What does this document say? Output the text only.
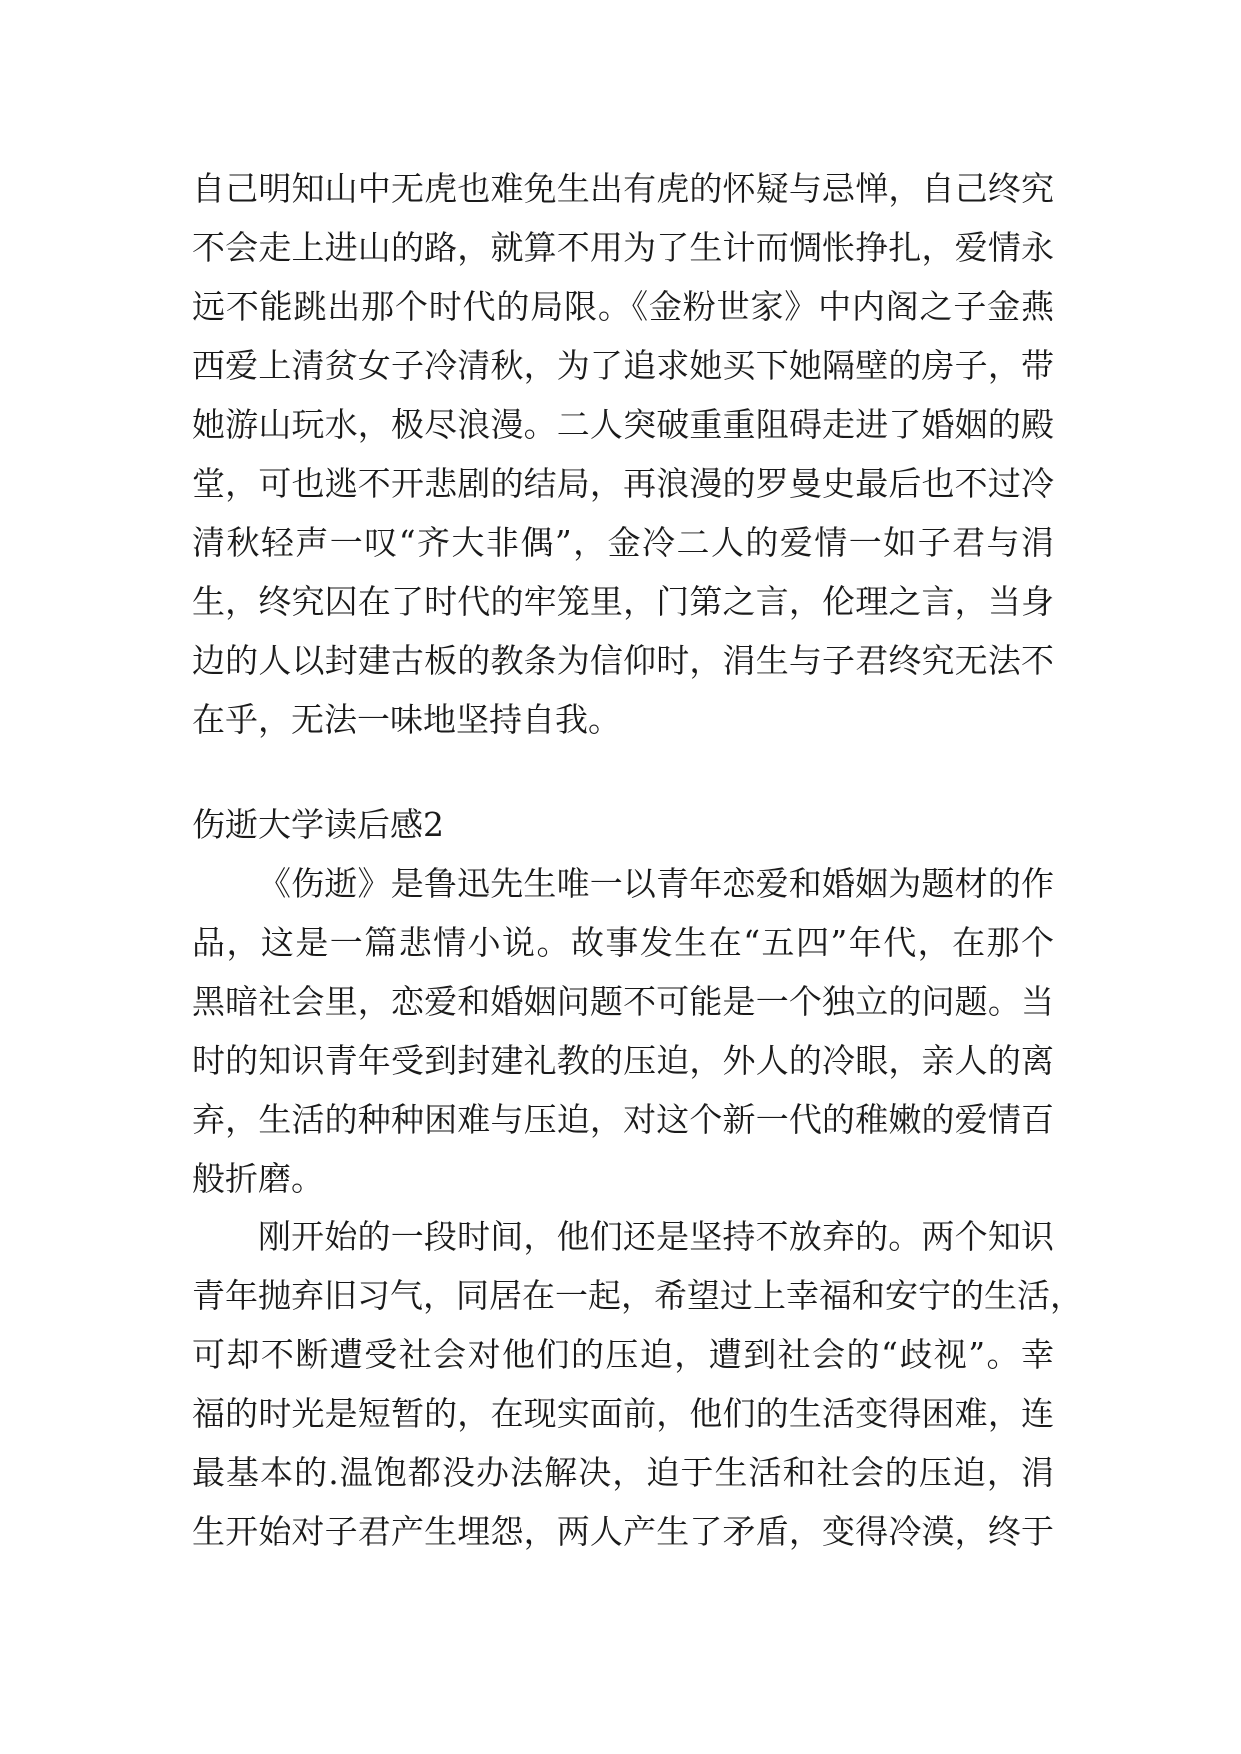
自己明知山中无虎也难免生出有虎的怀疑与忌惮，自己终究
不会走上进山的路，就算不用为了生计而惆怅挣扎，爱情永
远不能跳出那个时代的局限。《金粉世家》中内阁之子金燕
西爱上清贫女子冷清秋，为了追求她买下她隔壁的房子，带
她游山玩水，极尽浪漫。二人突破重重阻碍走进了婚姻的殿
堂，可也逃不开悲剧的结局，再浪漫的罗曼史最后也不过冷
清秋轻声一叹“齐大非偶”，金冷二人的爱情一如子君与涓
生，终究囚在了时代的牢笼里，门第之言，伦理之言，当身
边的人以封建古板的教条为信仰时，涓生与子君终究无法不
在乎，无法一味地坚持自我。
伤逝大学读后感2
《伤逝》是鲁迅先生唯一以青年恋爱和婚姻为题材的作
品，这是一篇悲情小说。故事发生在“五四”年代，在那个
黑暗社会里，恋爱和婚姻问题不可能是一个独立的问题。当
时的知识青年受到封建礼教的压迫，外人的冷眼，亲人的离
弃，生活的种种困难与压迫，对这个新一代的稚嫩的爱情百
般折磨。
刚开始的一段时间，他们还是坚持不放弃的。两个知识
青年抛弃旧习气，同居在一起，希望过上幸福和安宁的生活，
可却不断遭受社会对他们的压迫，遭到社会的“歧视”。幸
福的时光是短暂的，在现实面前，他们的生活变得困难，连
最基本的.温饱都没办法解决，迫于生活和社会的压迫，涓
生开始对子君产生埋怨，两人产生了矛盾，变得冷漠，终于
